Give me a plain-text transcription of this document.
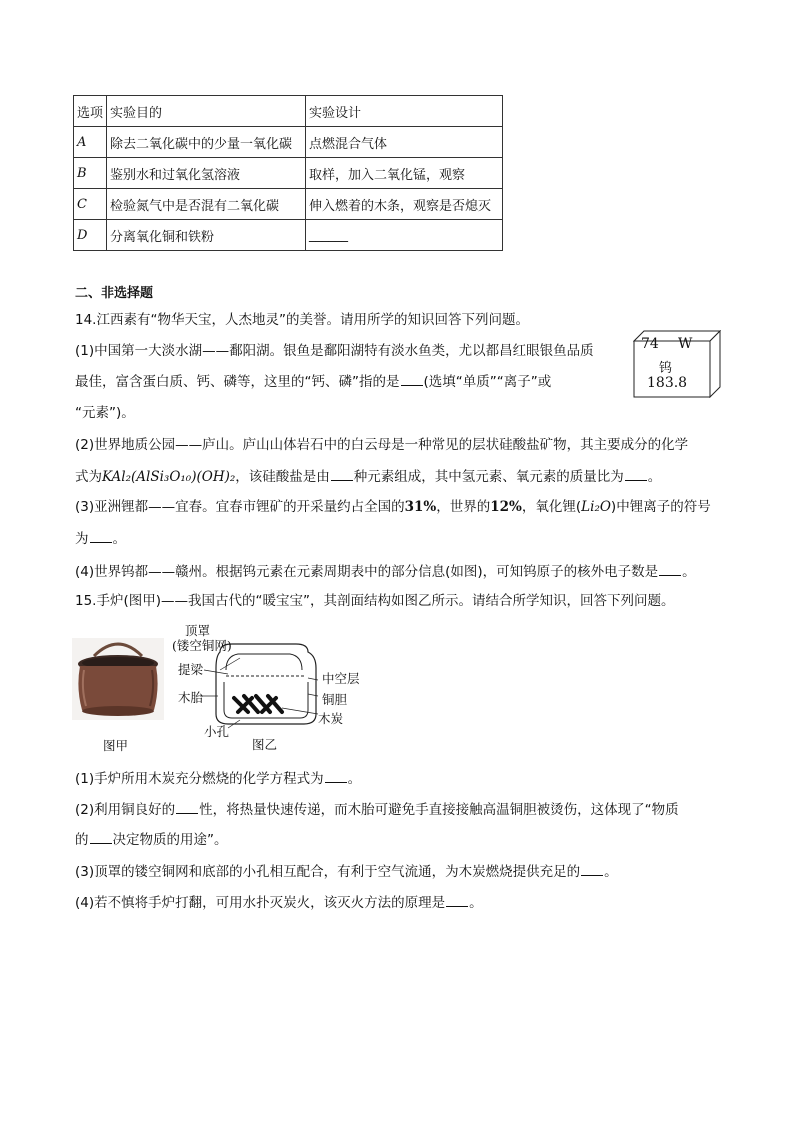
选项	实验目的	实验设计
A	除去二氧化碳中的少量一氧化碳	点燃混合气体
B	鉴别水和过氧化氢溶液	取样，加入二氧化锰，观察
C	检验氮气中是否混有二氧化碳	伸入燃着的木条，观察是否熄灭
D	分离氧化铜和铁粉	______
二、非选择题
14.江西素有“物华天宝，人杰地灵”的美誉。请用所学的知识回答下列问题。
(1)中国第一大淡水湖——鄱阳湖。银鱼是鄱阳湖特有淡水鱼类，尤以都昌红眼银鱼品质
最佳，富含蛋白质、钙、磷等，这里的“钙、磷”指的是 (选填“单质”“离子”或
“元素”)。
(2)世界地质公园——庐山。庐山山体岩石中的白云母是一种常见的层状硅酸盐矿物，其主要成分的化学
式为KAl₂(AlSi₃O₁₀)(OH)₂，该硅酸盐是由 种元素组成，其中氢元素、氧元素的质量比为 。
(3)亚洲锂都——宜春。宜春市锂矿的开采量约占全国的31%，世界的12%，氧化锂(Li₂O)中锂离子的符号
为 。
(4)世界钨都——赣州。根据钨元素在元素周期表中的部分信息(如图)，可知钨原子的核外电子数是 。
74 W
钨
183.8
15.手炉(图甲)——我国古代的“暖宝宝”，其剖面结构如图乙所示。请结合所学知识，回答下列问题。
图甲
顶罩
(镂空铜网)
提梁
木胎
中空层
铜胆
木炭
小孔
图乙
(1)手炉所用木炭充分燃烧的化学方程式为 。
(2)利用铜良好的 性，将热量快速传递，而木胎可避免手直接接触高温铜胆被烫伤，这体现了“物质
的 决定物质的用途”。
(3)顶罩的镂空铜网和底部的小孔相互配合，有利于空气流通，为木炭燃烧提供充足的 。
(4)若不慎将手炉打翻，可用水扑灭炭火，该灭火方法的原理是 。
